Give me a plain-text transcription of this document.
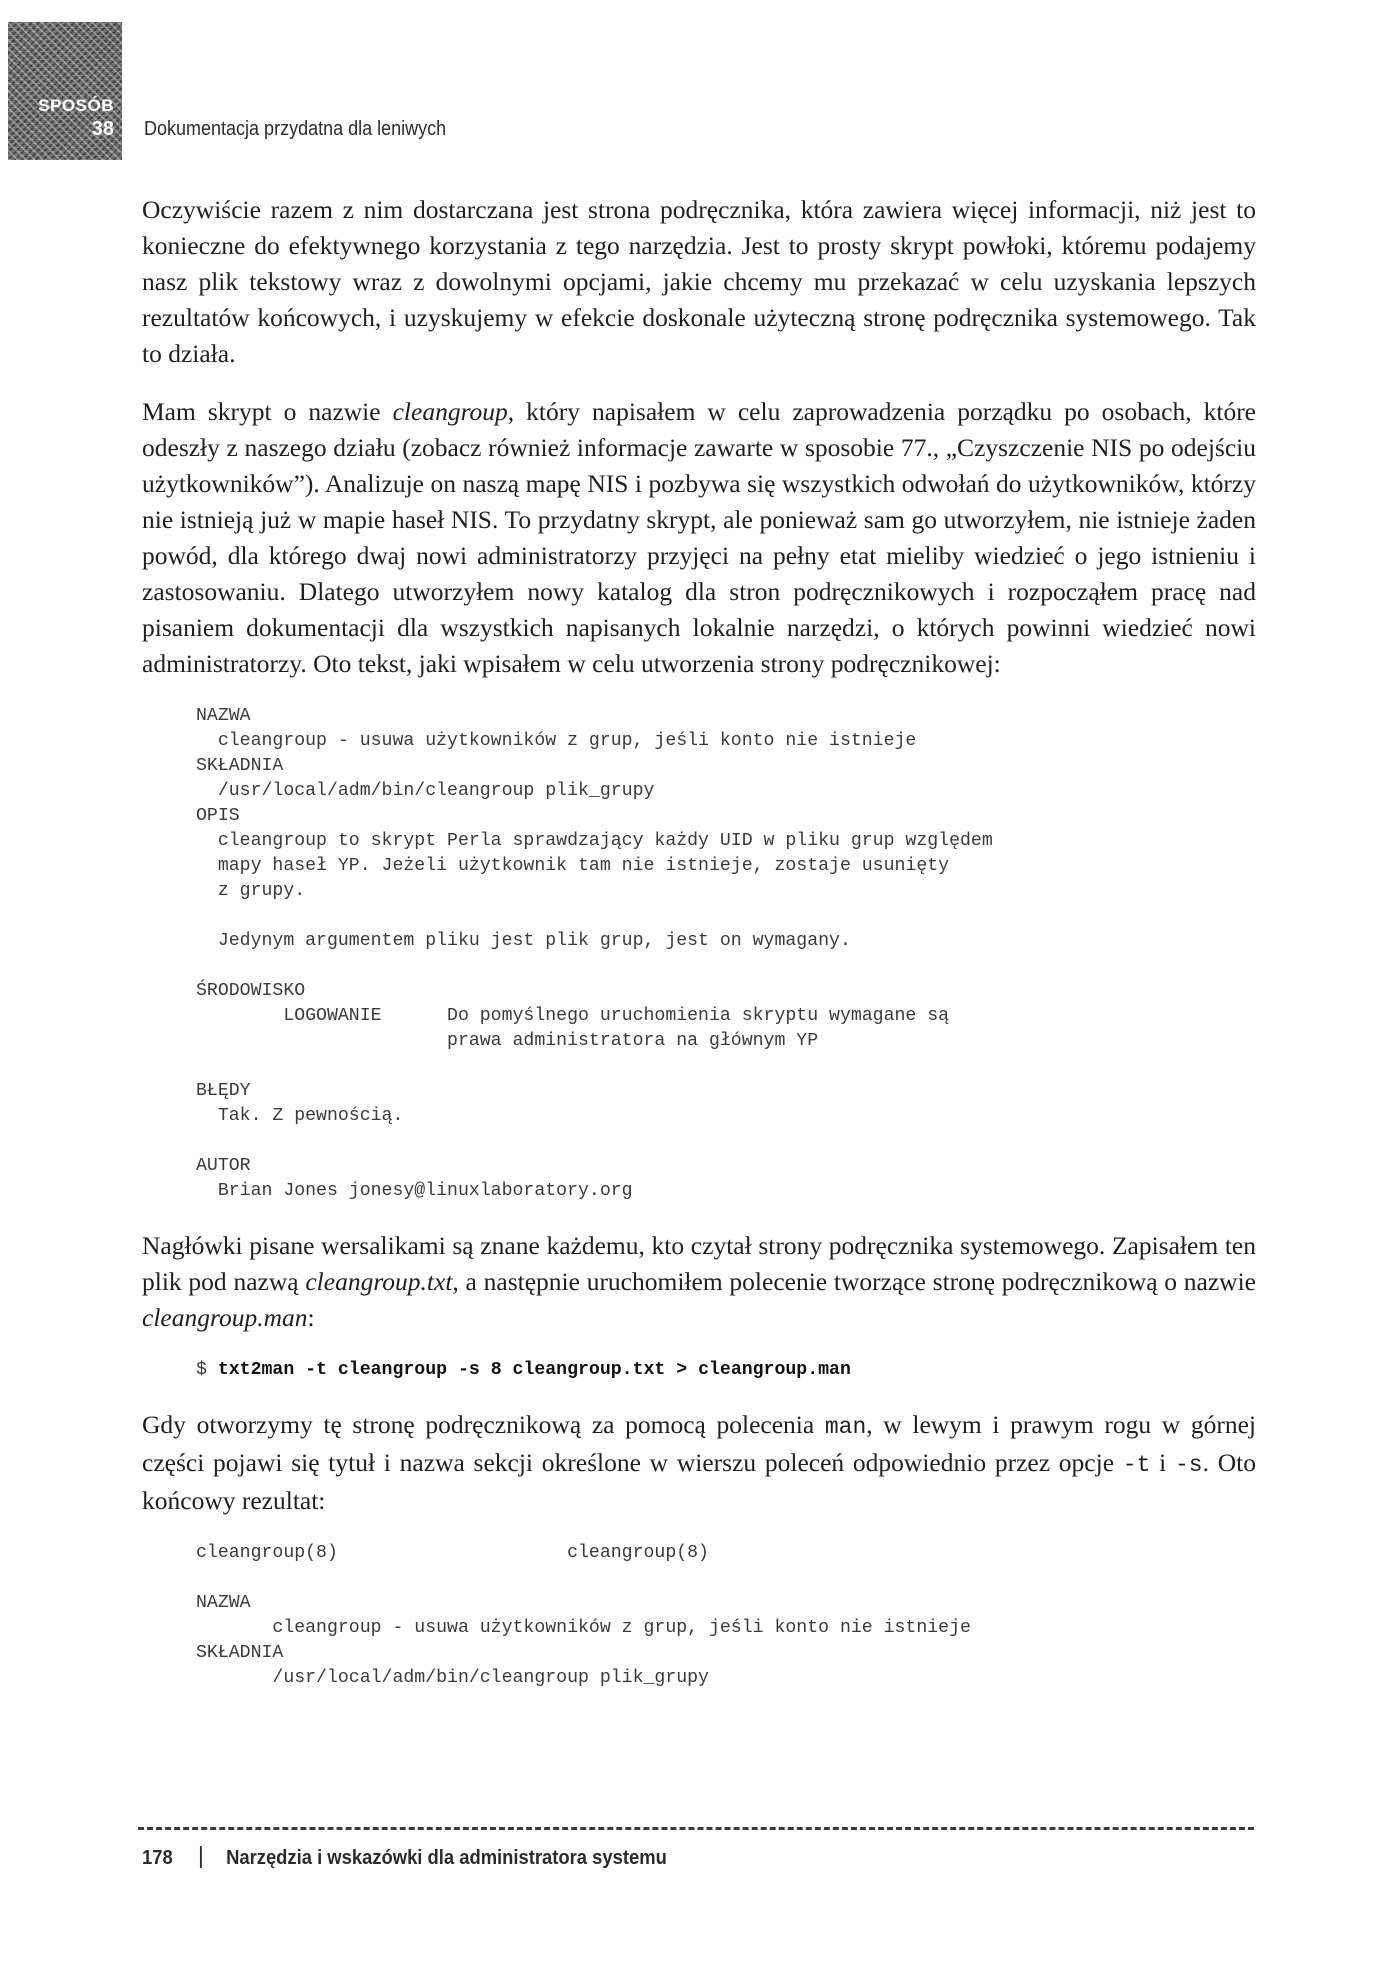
SPOSÓB
38 Dokumentacja przydatna dla leniwych

Oczywiście razem z nim dostarczana jest strona podręcznika, która zawiera więcej informacji, niż jest to konieczne do efektywnego korzystania z tego narzędzia. Jest to prosty skrypt powłoki, któremu podajemy nasz plik tekstowy wraz z dowolnymi opcjami, jakie chcemy mu przekazać w celu uzyskania lepszych rezultatów końcowych, i uzyskujemy w efekcie doskonale użyteczną stronę podręcznika systemowego. Tak to działa.

Mam skrypt o nazwie cleangroup, który napisałem w celu zaprowadzenia porządku po osobach, które odeszły z naszego działu (zobacz również informacje zawarte w sposobie 77., „Czyszczenie NIS po odejściu użytkowników”). Analizuje on naszą mapę NIS i pozbywa się wszystkich odwołań do użytkowników, którzy nie istnieją już w mapie haseł NIS. To przydatny skrypt, ale ponieważ sam go utworzyłem, nie istnieje żaden powód, dla którego dwaj nowi administratorzy przyjęci na pełny etat mieliby wiedzieć o jego istnieniu i zastosowaniu. Dlatego utworzyłem nowy katalog dla stron podręcznikowych i rozpocząłem pracę nad pisaniem dokumentacji dla wszystkich napisanych lokalnie narzędzi, o których powinni wiedzieć nowi administratorzy. Oto tekst, jaki wpisałem w celu utworzenia strony podręcznikowej:

NAZWA
cleangroup - usuwa użytkowników z grup, jeśli konto nie istnieje
SKŁADNIA
/usr/local/adm/bin/cleangroup plik_grupy
OPIS
cleangroup to skrypt Perla sprawdzający każdy UID w pliku grup względem
mapy haseł YP. Jeżeli użytkownik tam nie istnieje, zostaje usunięty
z grupy.

Jedynym argumentem pliku jest plik grup, jest on wymagany.

ŚRODOWISKO
LOGOWANIE      Do pomyślnego uruchomienia skryptu wymagane są
prawa administratora na głównym YP

BŁĘDY
Tak. Z pewnością.

AUTOR
Brian Jones jonesy@linuxlaboratory.org

Nagłówki pisane wersalikami są znane każdemu, kto czytał strony podręcznika systemowego. Zapisałem ten plik pod nazwą cleangroup.txt, a następnie uruchomiłem polecenie tworzące stronę podręcznikową o nazwie cleangroup.man:

$ txt2man -t cleangroup -s 8 cleangroup.txt > cleangroup.man

Gdy otworzymy tę stronę podręcznikową za pomocą polecenia man, w lewym i prawym rogu w górnej części pojawi się tytuł i nazwa sekcji określone w wierszu poleceń odpowiednio przez opcje -t i -s. Oto końcowy rezultat:

cleangroup(8)                     cleangroup(8)

NAZWA
cleangroup - usuwa użytkowników z grup, jeśli konto nie istnieje
SKŁADNIA
/usr/local/adm/bin/cleangroup plik_grupy
178	Narzędzia i wskazówki dla administratora systemu
